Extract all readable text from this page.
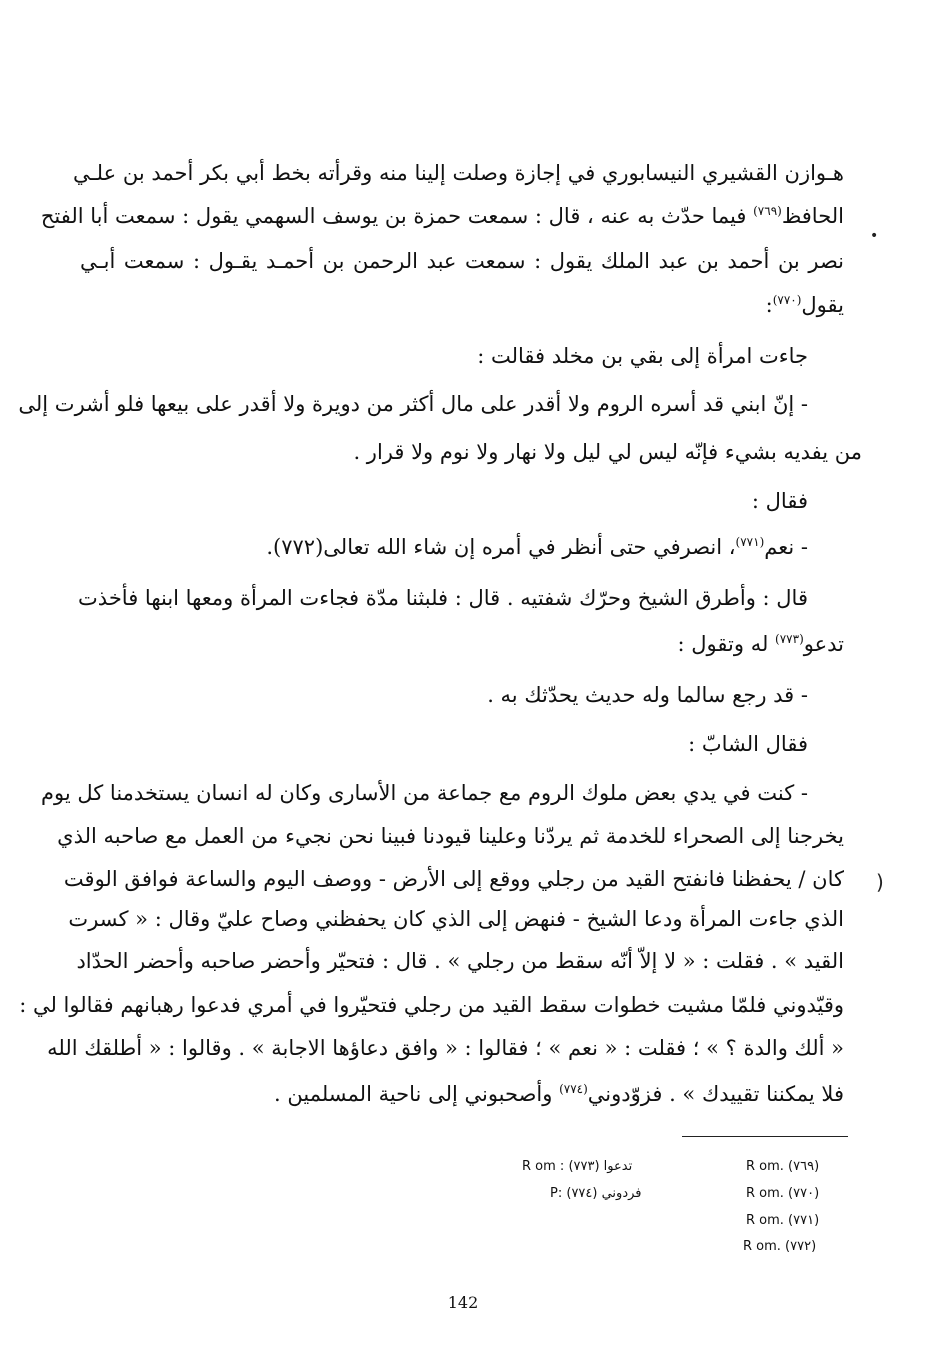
هـوازن القشيري النيسابوري في إجازة وصلت إلينا منه وقرأته بخط أبي بكر أحمد بن علـي
الحافظ$^{(٧٦٩)}$ فيما حدّث به عنه ، قال : سمعت حمزة بن يوسف السهمي يقول : سمعت أبا الفتح
نصر بن أحمد بن عبد الملك يقول : سمعت عبد الرحمن بن أحمـد يقـول : سمعت أبـي
يقول$^{(٧٧٠)}$:
جاءت امرأة إلى بقي بن مخلد فقالت :
- إنّ ابني قد أسره الروم ولا أقدر على مال أكثر من دويرة ولا أقدر على بيعها فلو أشرت إلى
من يفديه بشيء فإنّه ليس لي ليل ولا نهار ولا نوم ولا قرار .
فقال :
- نعم$^{(٧٧١)}$، انصرفي حتى أنظر في أمره إن شاء الله تعالى(٧٧٢).
قال : وأطرق الشيخ وحرّك شفتيه . قال : فلبثنا مدّة فجاءت المرأة ومعها ابنها فأخذت
تدعو$^{(٧٧٣)}$ له وتقول :
- قد رجع سالما وله حديث يحدّثك به .
فقال الشابّ :
- كنت في يدي بعض ملوك الروم مع جماعة من الأسارى وكان له انسان يستخدمنا كل يوم
يخرجنا إلى الصحراء للخدمة ثم يردّنا وعلينا قيودنا فبينا نحن نجيء من العمل مع صاحبه الذي
كان / يحفظنا فانفتح القيد من رجلي ووقع إلى الأرض - ووصف اليوم والساعة فوافق الوقت
الذي جاءت المرأة ودعا الشيخ - فنهض إلى الذي كان يحفظني وصاح عليّ وقال : « كسرت
القيد » . فقلت : « لا إلاّ أنّه سقط من رجلي » . قال : فتحيّر وأحضر صاحبه وأحضر الحدّاد
وقيّدوني فلمّا مشيت خطوات سقط القيد من رجلي فتحيّروا في أمري فدعوا رهبانهم فقالوا لي :
« ألك والدة ؟ » ؛ فقلت : « نعم » ؛ فقالوا : « وافق دعاؤها الاجابة » . وقالوا : « أطلقك الله
فلا يمكننا تقييدك » . فزوّدوني$^{(٧٧٤)}$ وأصحبوني إلى ناحية المسلمين .
•
)
R om. (٧٦٩)
R om. (٧٧٠)
R om. (٧٧١)
R om. (٧٧٢)
R om : تدعوا (٧٧٣)
P: فردوني (٧٧٤)
142
